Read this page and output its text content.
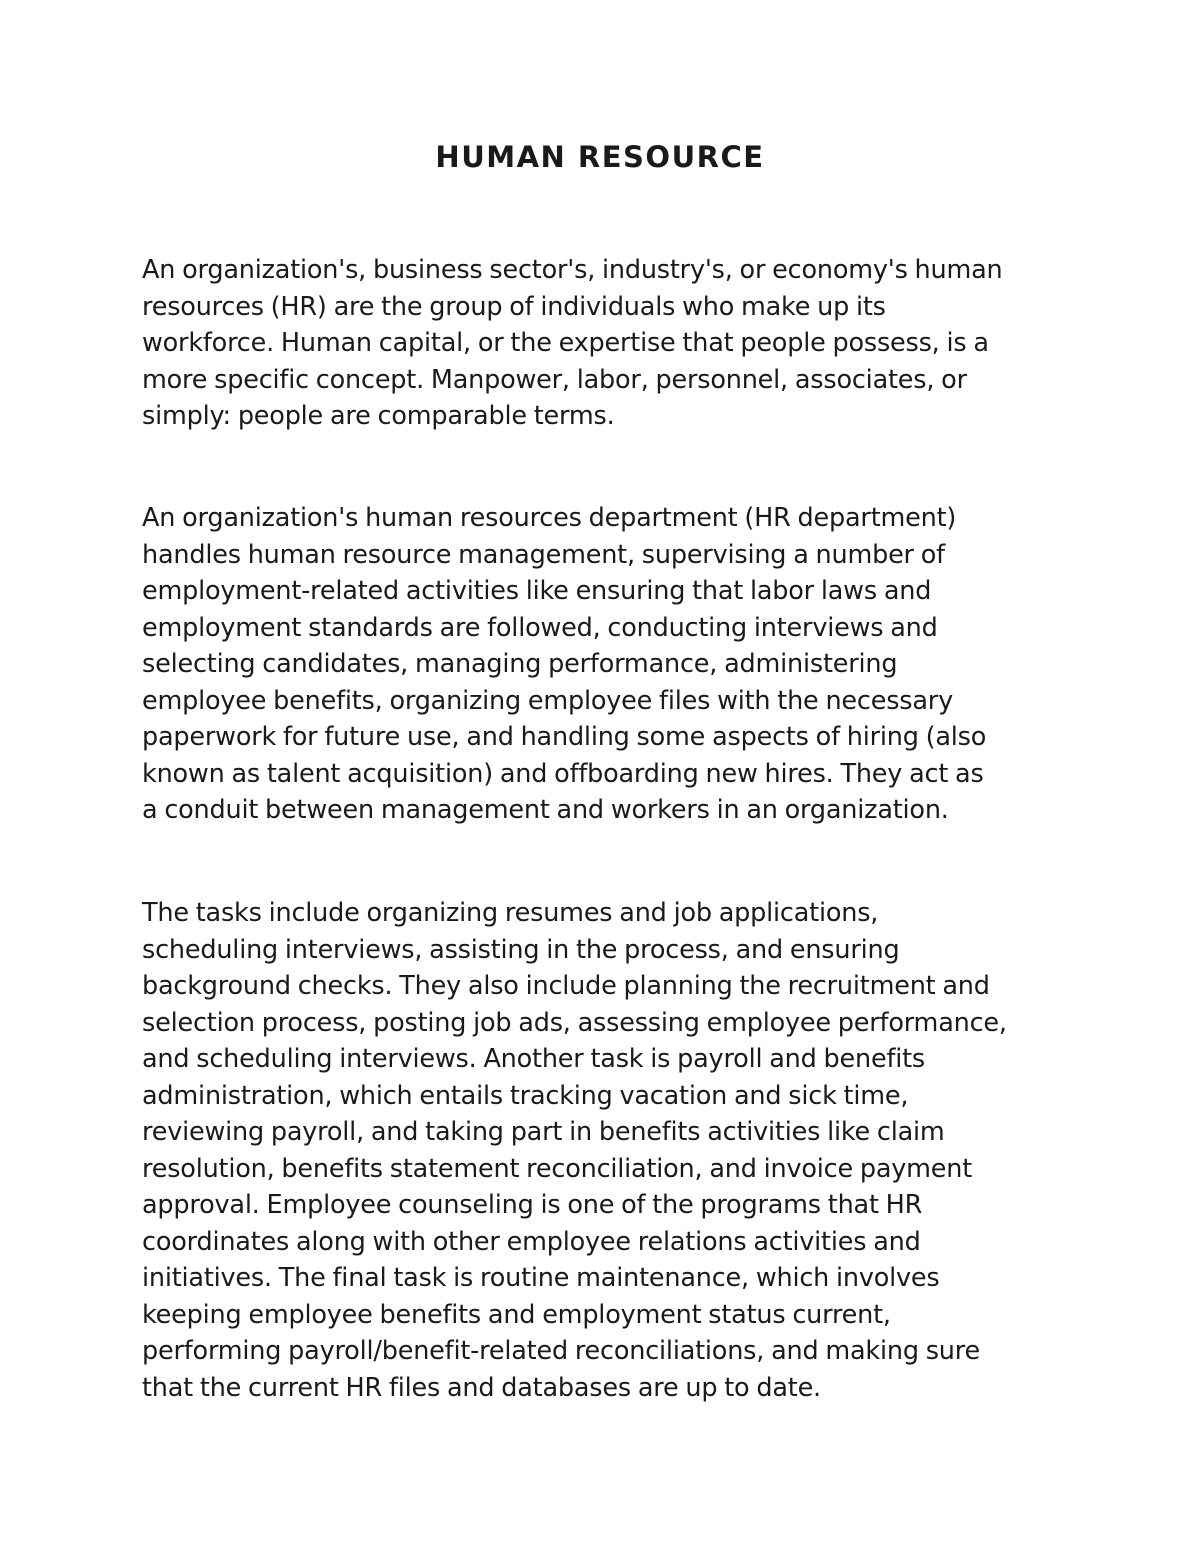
HUMAN RESOURCE

An organization's, business sector's, industry's, or economy's human
resources (HR) are the group of individuals who make up its
workforce. Human capital, or the expertise that people possess, is a
more specific concept. Manpower, labor, personnel, associates, or
simply: people are comparable terms.

An organization's human resources department (HR department)
handles human resource management, supervising a number of
employment-related activities like ensuring that labor laws and
employment standards are followed, conducting interviews and
selecting candidates, managing performance, administering
employee benefits, organizing employee files with the necessary
paperwork for future use, and handling some aspects of hiring (also
known as talent acquisition) and offboarding new hires. They act as
a conduit between management and workers in an organization.

The tasks include organizing resumes and job applications,
scheduling interviews, assisting in the process, and ensuring
background checks. They also include planning the recruitment and
selection process, posting job ads, assessing employee performance,
and scheduling interviews. Another task is payroll and benefits
administration, which entails tracking vacation and sick time,
reviewing payroll, and taking part in benefits activities like claim
resolution, benefits statement reconciliation, and invoice payment
approval. Employee counseling is one of the programs that HR
coordinates along with other employee relations activities and
initiatives. The final task is routine maintenance, which involves
keeping employee benefits and employment status current,
performing payroll/benefit-related reconciliations, and making sure
that the current HR files and databases are up to date.
